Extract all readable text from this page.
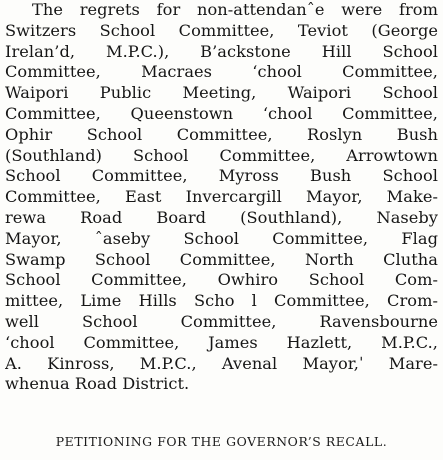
The regrets for non-attendanˆe were from
Switzers School Committee, Teviot (George
Irelan’d, M.P.C.), B’ackstone Hill School
Committee, Macraes ʻchool Committee,
Waipori Public Meeting, Waipori School
Committee, Queenstown ʻchool Committee,
Ophir School Committee, Roslyn Bush
(Southland) School Committee, Arrowtown
School Committee, Myross Bush School
Committee, East Invercargill Mayor, Make-
rewa Road Board (Southland), Naseby
Mayor, ˆaseby School Committee, Flag
Swamp School Committee, North Clutha
School Committee, Owhiro School Com-
mittee, Lime Hills Scho l Committee, Crom-
well School Committee, Ravensbourne
ʻchool Committee, James Hazlett, M.P.C.,
A. Kinross, M.P.C., Avenal Mayor,ˈ Mare-
whenua Road District.
PETITIONING FOR THE GOVERNOR’S RECALL.
